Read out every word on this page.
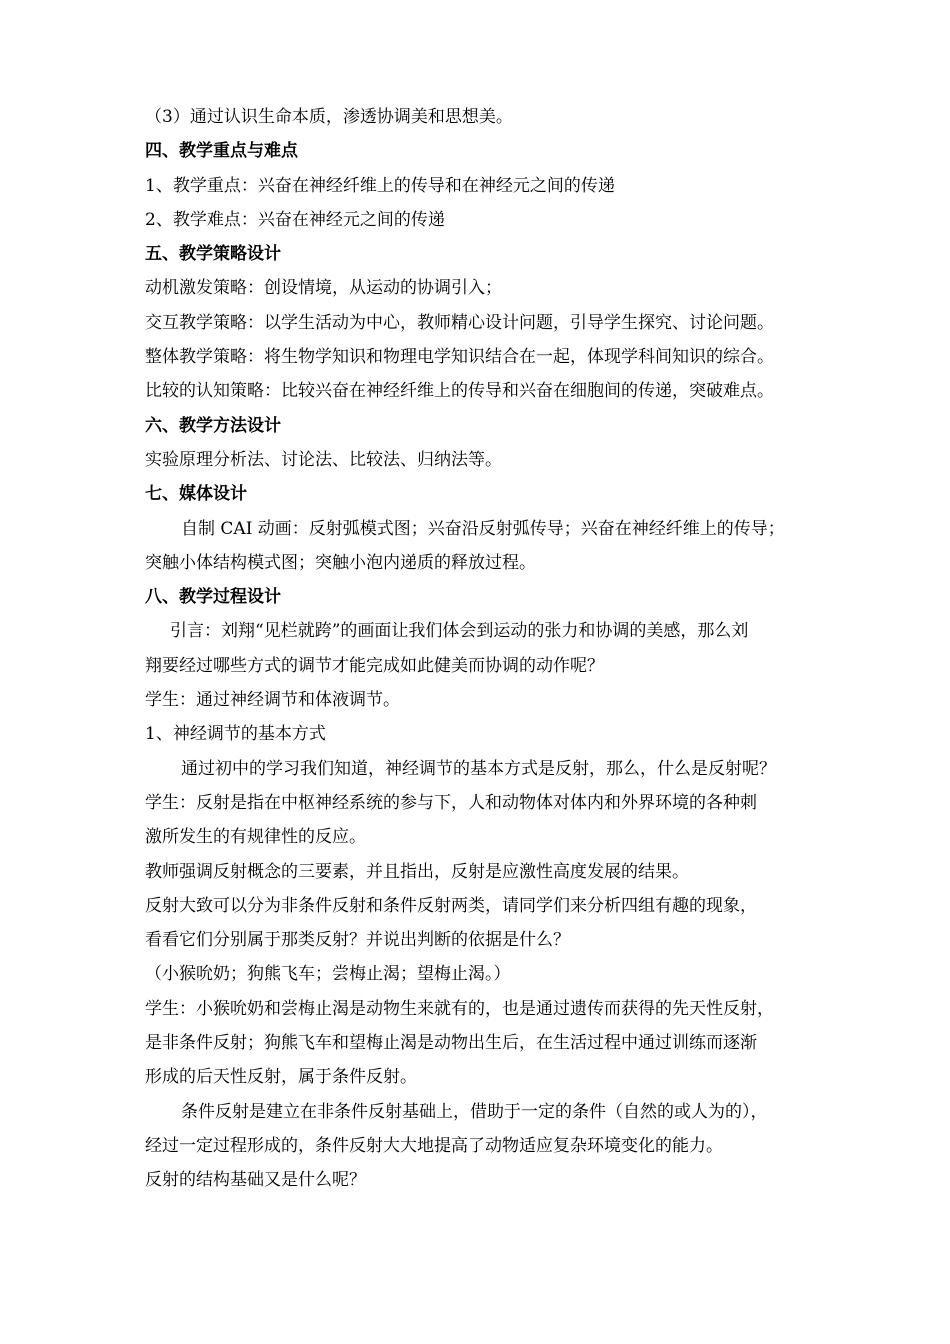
（3）通过认识生命本质，渗透协调美和思想美。

四、教学重点与难点

1、教学重点：兴奋在神经纤维上的传导和在神经元之间的传递

2、教学难点：兴奋在神经元之间的传递

五、教学策略设计

动机激发策略：创设情境，从运动的协调引入；

交互教学策略：以学生活动为中心，教师精心设计问题，引导学生探究、讨论问题。

整体教学策略：将生物学知识和物理电学知识结合在一起，体现学科间知识的综合。

比较的认知策略：比较兴奋在神经纤维上的传导和兴奋在细胞间的传递，突破难点。

六、教学方法设计

实验原理分析法、讨论法、比较法、归纳法等。

七、媒体设计

自制 CAI 动画：反射弧模式图；兴奋沿反射弧传导；兴奋在神经纤维上的传导；

突触小体结构模式图；突触小泡内递质的释放过程。

八、教学过程设计

引言：刘翔“见栏就跨”的画面让我们体会到运动的张力和协调的美感，那么刘

翔要经过哪些方式的调节才能完成如此健美而协调的动作呢？

学生：通过神经调节和体液调节。

1、神经调节的基本方式

通过初中的学习我们知道，神经调节的基本方式是反射，那么，什么是反射呢？

学生：反射是指在中枢神经系统的参与下，人和动物体对体内和外界环境的各种刺

激所发生的有规律性的反应。

教师强调反射概念的三要素，并且指出，反射是应激性高度发展的结果。

反射大致可以分为非条件反射和条件反射两类，请同学们来分析四组有趣的现象，

看看它们分别属于那类反射？并说出判断的依据是什么？

（小猴吮奶；狗熊飞车；尝梅止渴；望梅止渴。）

学生：小猴吮奶和尝梅止渴是动物生来就有的，也是通过遗传而获得的先天性反射，

是非条件反射；狗熊飞车和望梅止渴是动物出生后，在生活过程中通过训练而逐渐

形成的后天性反射，属于条件反射。

条件反射是建立在非条件反射基础上，借助于一定的条件（自然的或人为的），

经过一定过程形成的，条件反射大大地提高了动物适应复杂环境变化的能力。

反射的结构基础又是什么呢？
